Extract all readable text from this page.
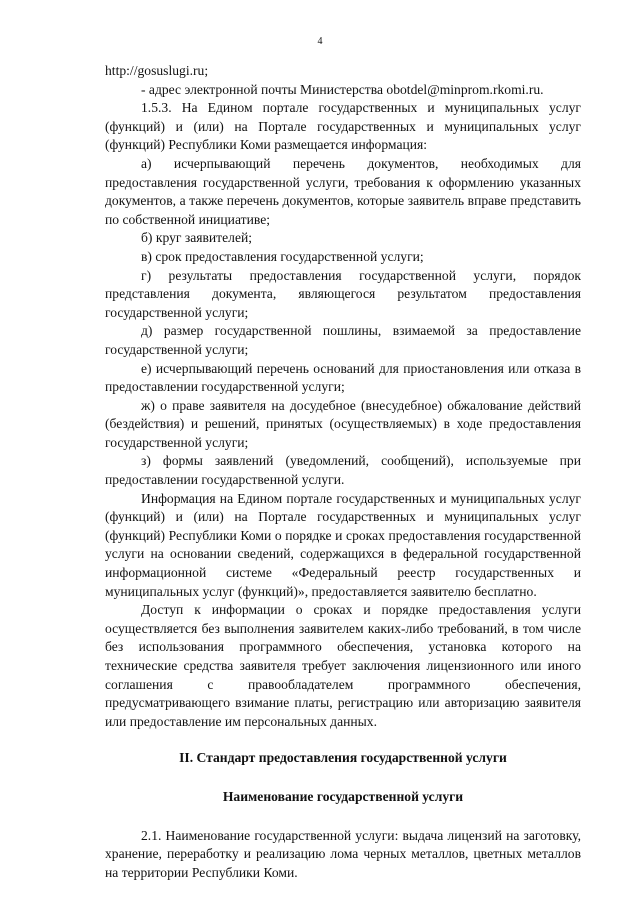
4

http://gosuslugi.ru;

- адрес электронной почты Министерства obotdel@minprom.rkomi.ru.

1.5.3. На Едином портале государственных и муниципальных услуг (функций) и (или) на Портале государственных и муниципальных услуг (функций) Республики Коми размещается информация:

а) исчерпывающий перечень документов, необходимых для предоставления государственной услуги, требования к оформлению указанных документов, а также перечень документов, которые заявитель вправе представить по собственной инициативе;

б) круг заявителей;

в) срок предоставления государственной услуги;

г) результаты предоставления государственной услуги, порядок представления документа, являющегося результатом предоставления государственной услуги;

д) размер государственной пошлины, взимаемой за предоставление государственной услуги;

е) исчерпывающий перечень оснований для приостановления или отказа в предоставлении государственной услуги;

ж) о праве заявителя на досудебное (внесудебное) обжалование действий (бездействия) и решений, принятых (осуществляемых) в ходе предоставления государственной услуги;

з) формы заявлений (уведомлений, сообщений), используемые при предоставлении государственной услуги.

Информация на Едином портале государственных и муниципальных услуг (функций) и (или) на Портале государственных и муниципальных услуг (функций) Республики Коми о порядке и сроках предоставления государственной услуги на основании сведений, содержащихся в федеральной государственной информационной системе «Федеральный реестр государственных и муниципальных услуг (функций)», предоставляется заявителю бесплатно.

Доступ к информации о сроках и порядке предоставления услуги осуществляется без выполнения заявителем каких-либо требований, в том числе без использования программного обеспечения, установка которого на технические средства заявителя требует заключения лицензионного или иного соглашения с правообладателем программного обеспечения, предусматривающего взимание платы, регистрацию или авторизацию заявителя или предоставление им персональных данных.

II. Стандарт предоставления государственной услуги
Наименование государственной услуги

2.1. Наименование государственной услуги: выдача лицензий на заготовку, хранение, переработку и реализацию лома черных металлов, цветных металлов на территории Республики Коми.
